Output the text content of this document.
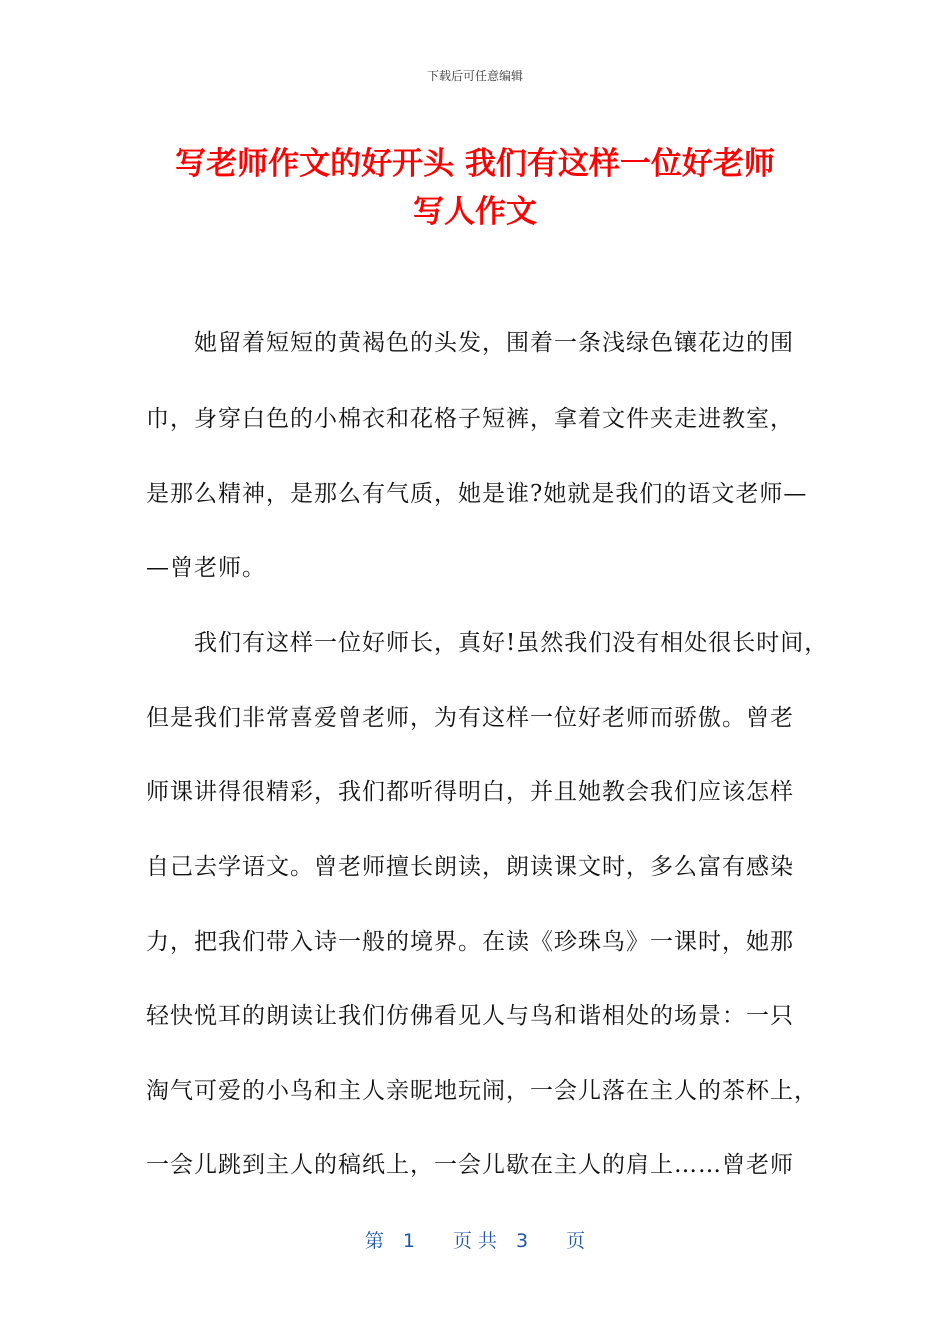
下载后可任意编辑
写老师作文的好开头 我们有这样一位好老师
写人作文
　　她留着短短的黄褐色的头发，围着一条浅绿色镶花边的围
巾，身穿白色的小棉衣和花格子短裤，拿着文件夹走进教室，
是那么精神，是那么有气质，她是谁?她就是我们的语文老师—
—曾老师。
　　我们有这样一位好师长，真好!虽然我们没有相处很长时间，
但是我们非常喜爱曾老师，为有这样一位好老师而骄傲。曾老
师课讲得很精彩，我们都听得明白，并且她教会我们应该怎样
自己去学语文。曾老师擅长朗读，朗读课文时，多么富有感染
力，把我们带入诗一般的境界。在读《珍珠鸟》一课时，她那
轻快悦耳的朗读让我们仿佛看见人与鸟和谐相处的场景：一只
淘气可爱的小鸟和主人亲昵地玩闹，一会儿落在主人的茶杯上，
一会儿跳到主人的稿纸上，一会儿歇在主人的肩上……曾老师
第　1　　页 共　3　　页
